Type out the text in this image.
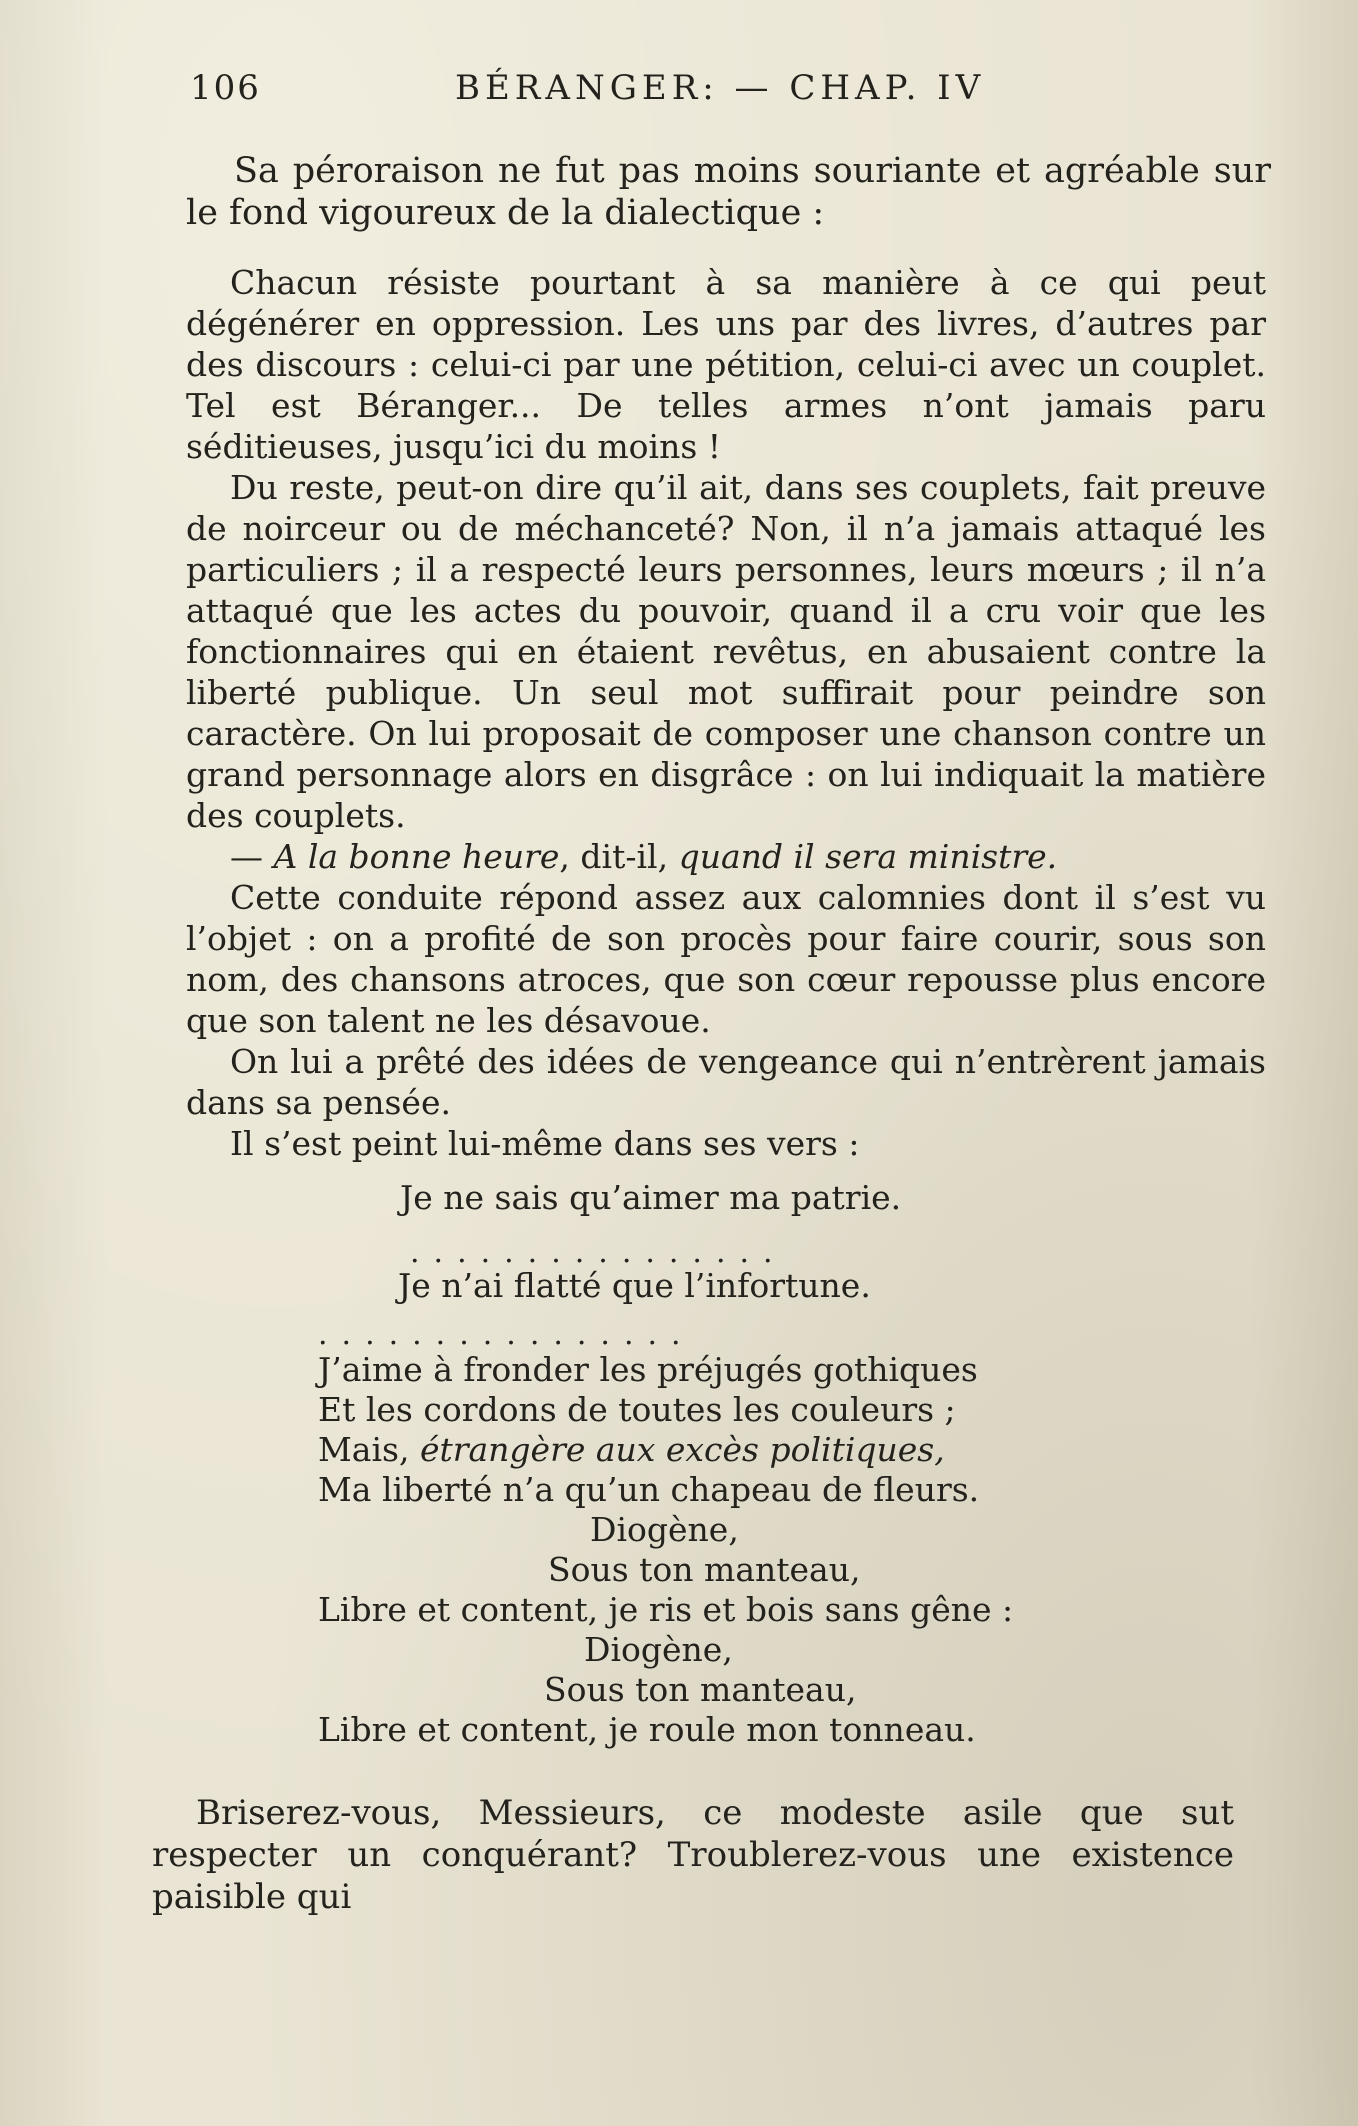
106	BÉRANGER: — CHAP. IV

Sa péroraison ne fut pas moins souriante et agréable sur le fond vigoureux de la dialectique :

Chacun résiste pourtant à sa manière à ce qui peut dégénérer en oppression. Les uns par des livres, d’autres par des discours : celui-ci par une pétition, celui-ci avec un couplet. Tel est Béranger... De telles armes n’ont jamais paru séditieuses, jusqu’ici du moins !

Du reste, peut-on dire qu’il ait, dans ses couplets, fait preuve de noirceur ou de méchanceté? Non, il n’a jamais attaqué les particuliers ; il a respecté leurs personnes, leurs mœurs ; il n’a attaqué que les actes du pouvoir, quand il a cru voir que les fonctionnaires qui en étaient revêtus, en abusaient contre la liberté publique. Un seul mot suffirait pour peindre son caractère. On lui proposait de composer une chanson contre un grand personnage alors en disgrâce : on lui indiquait la matière des couplets.

— A la bonne heure, dit-il, quand il sera ministre.

Cette conduite répond assez aux calomnies dont il s’est vu l’objet : on a profité de son procès pour faire courir, sous son nom, des chansons atroces, que son cœur repousse plus encore que son talent ne les désavoue.

On lui a prêté des idées de vengeance qui n’entrèrent jamais dans sa pensée.

Il s’est peint lui-même dans ses vers :

Je ne sais qu’aimer ma patrie.
................
Je n’ai flatté que l’infortune.
................
J’aime à fronder les préjugés gothiques
Et les cordons de toutes les couleurs ;
Mais, étrangère aux excès politiques,
Ma liberté n’a qu’un chapeau de fleurs.
Diogène,
Sous ton manteau,
Libre et content, je ris et bois sans gêne :
Diogène,
Sous ton manteau,
Libre et content, je roule mon tonneau.

Briserez-vous, Messieurs, ce modeste asile que sut respecter un conquérant? Troublerez-vous une existence paisible qui
